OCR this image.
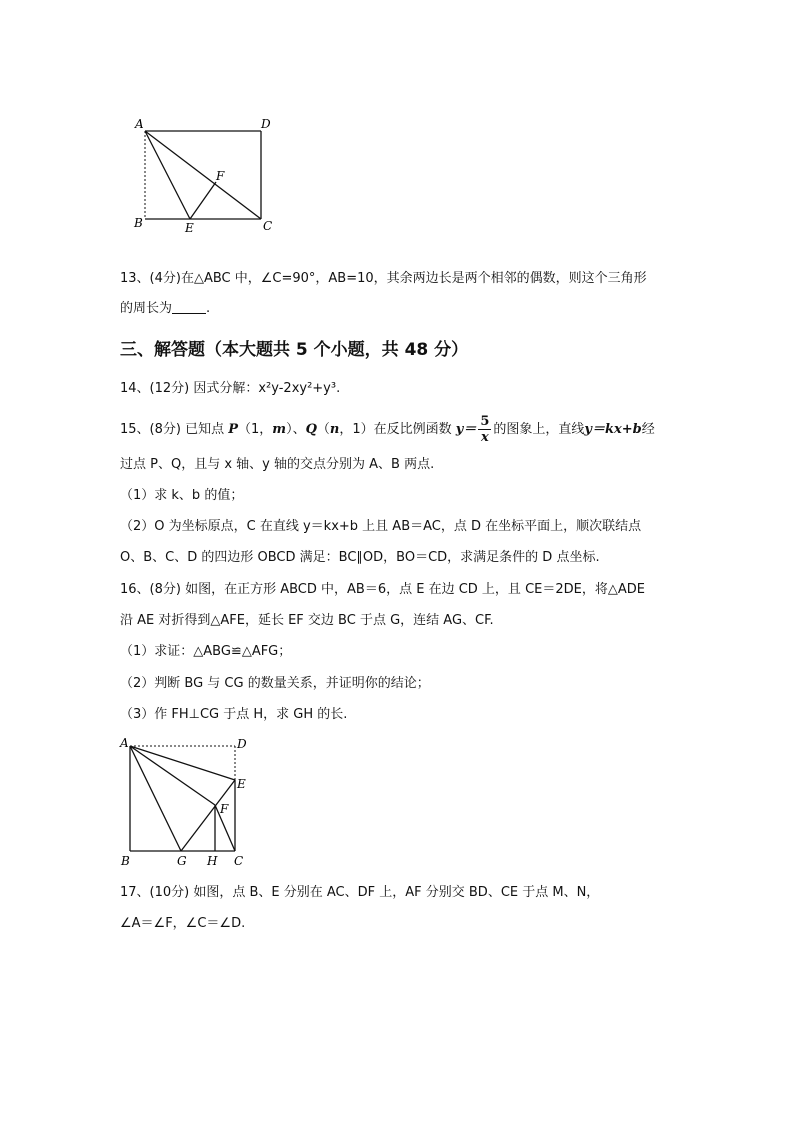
A	D
F
B	E	C
13、(4分)在△ABC 中，∠C=90°，AB=10，其余两边长是两个相邻的偶数，则这个三角形
的周长为	.
三、解答题（本大题共 5 个小题，共 48 分）
14、(12分) 因式分解：x²y-2xy²+y³.
15、(8分) 已知点 P（1，m）、Q（n，1）在反比例函数 $y= \frac{5}{x}$ 的图象上，直线y＝kx+b经
过点 P、Q，且与 x 轴、y 轴的交点分别为 A、B 两点.
（1）求 k、b 的值；
（2）O 为坐标原点，C 在直线 y＝kx+b 上且 AB＝AC，点 D 在坐标平面上，顺次联结点
O、B、C、D 的四边形 OBCD 满足：BC∥OD，BO＝CD，求满足条件的 D 点坐标.
16、(8分) 如图，在正方形 ABCD 中，AB＝6，点 E 在边 CD 上，且 CE＝2DE，将△ADE
沿 AE 对折得到△AFE，延长 EF 交边 BC 于点 G，连结 AG、CF.
（1）求证：△ABG≌△AFG；
（2）判断 BG 与 CG 的数量关系，并证明你的结论；
（3）作 FH⊥CG 于点 H，求 GH 的长.
A	D
E
F
B	G H C
17、(10分) 如图，点 B、E 分别在 AC、DF 上，AF 分别交 BD、CE 于点 M、N，
∠A＝∠F，∠C＝∠D.
